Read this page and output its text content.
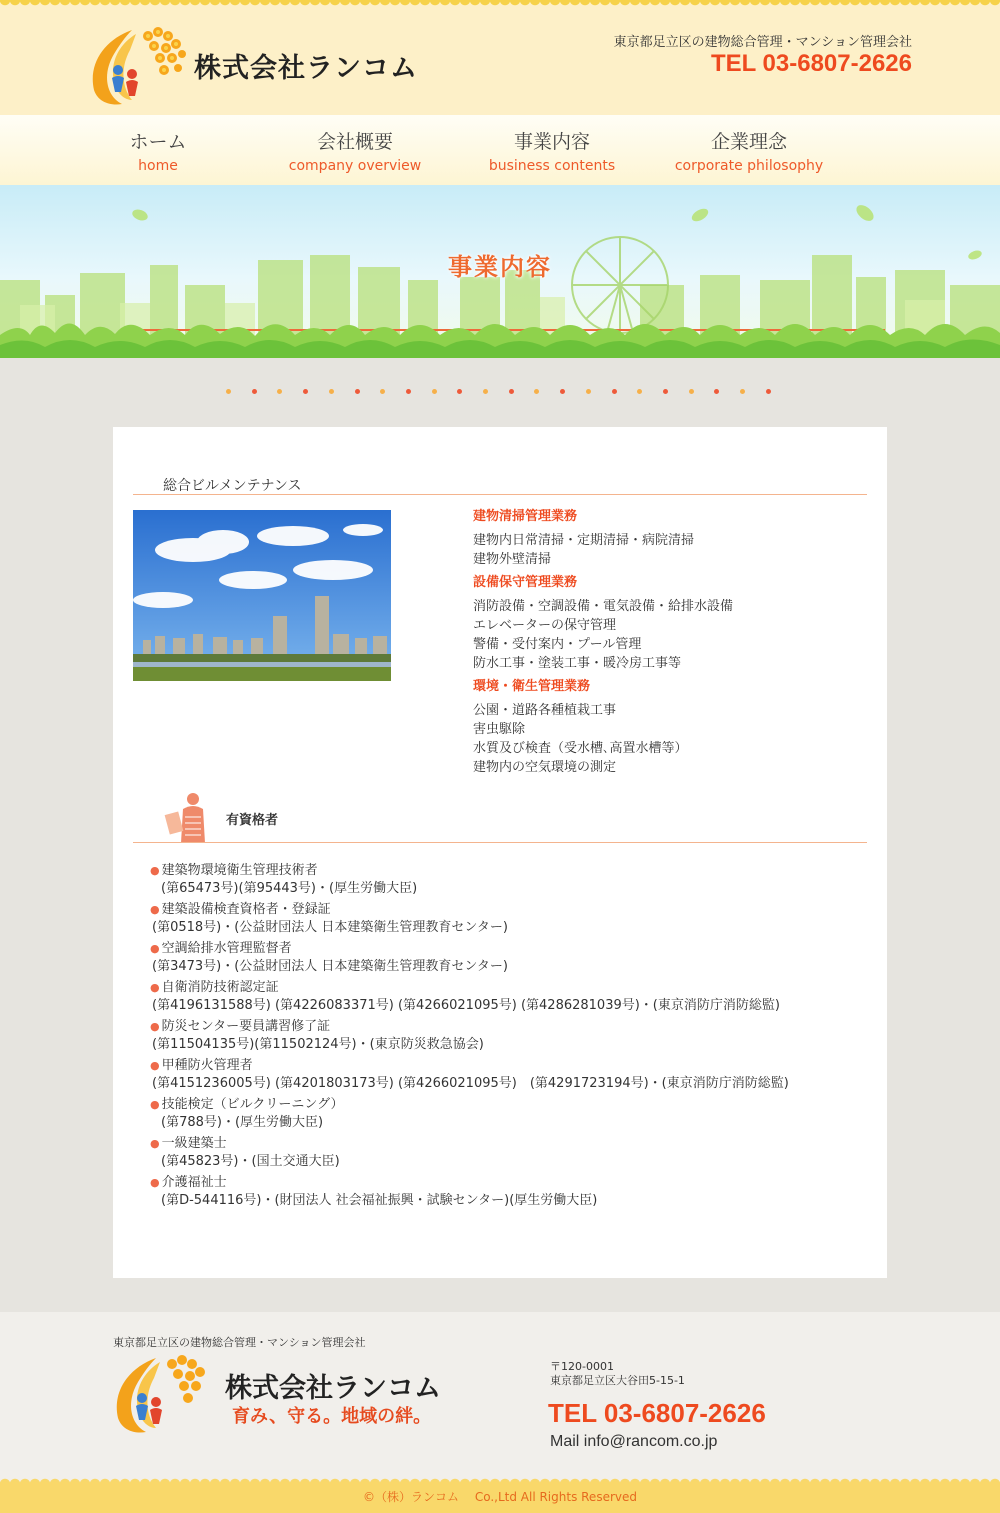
株式会社ランコム
東京都足立区の建物総合管理・マンション管理会社
TEL 03-6807-2626
ホーム
home
会社概要
company overview
事業内容
business contents
企業理念
corporate philosophy
事業内容
総合ビルメンテナンス
建物清掃管理業務
建物内日常清掃・定期清掃・病院清掃
建物外壁清掃
設備保守管理業務
消防設備・空調設備・電気設備・給排水設備
エレベーターの保守管理
警備・受付案内・プール管理
防水工事・塗装工事・暖冷房工事等
環境・衛生管理業務
公園・道路各種植栽工事
害虫駆除
水質及び検査（受水槽､高置水槽等）
建物内の空気環境の測定
有資格者
● 建築物環境衛生管理技術者
(第65473号)(第95443号)・(厚生労働大臣)
● 建築設備検査資格者・登録証
(第0518号)・(公益財団法人 日本建築衛生管理教育センター)
● 空調給排水管理監督者
(第3473号)・(公益財団法人 日本建築衛生管理教育センター)
● 自衛消防技術認定証
(第4196131588号) (第4226083371号) (第4266021095号) ​(第4286281039号)・(東京消防庁消防総監)
● 防災センター要員講習修了証
(第11504135号)(第11502124号)・(東京防災救急協会)
● 甲種防火管理者
(第4151236005号) (第4201803173号) (第4266021095号)　(第4291723194号)・(東京消防庁消防総監)
● 技能検定（ビルクリーニング）
(第788号)・(厚生労働大臣)
● 一級建築士
(第45823号)・(国土交通大臣)
● 介護福祉士
(第D-544116号)・(財団法人 社会福祉振興・試験センター)(厚生労働大臣)
東京都足立区の建物総合管理・マンション管理会社
株式会社ランコム
育み、守る。地域の絆。
〒120-0001
東京都足立区大谷田5-15-1
TEL 03-6807-2626
Mail info@rancom.co.jp
©（株）ランコム　 Co.,Ltd All Rights Reserved
